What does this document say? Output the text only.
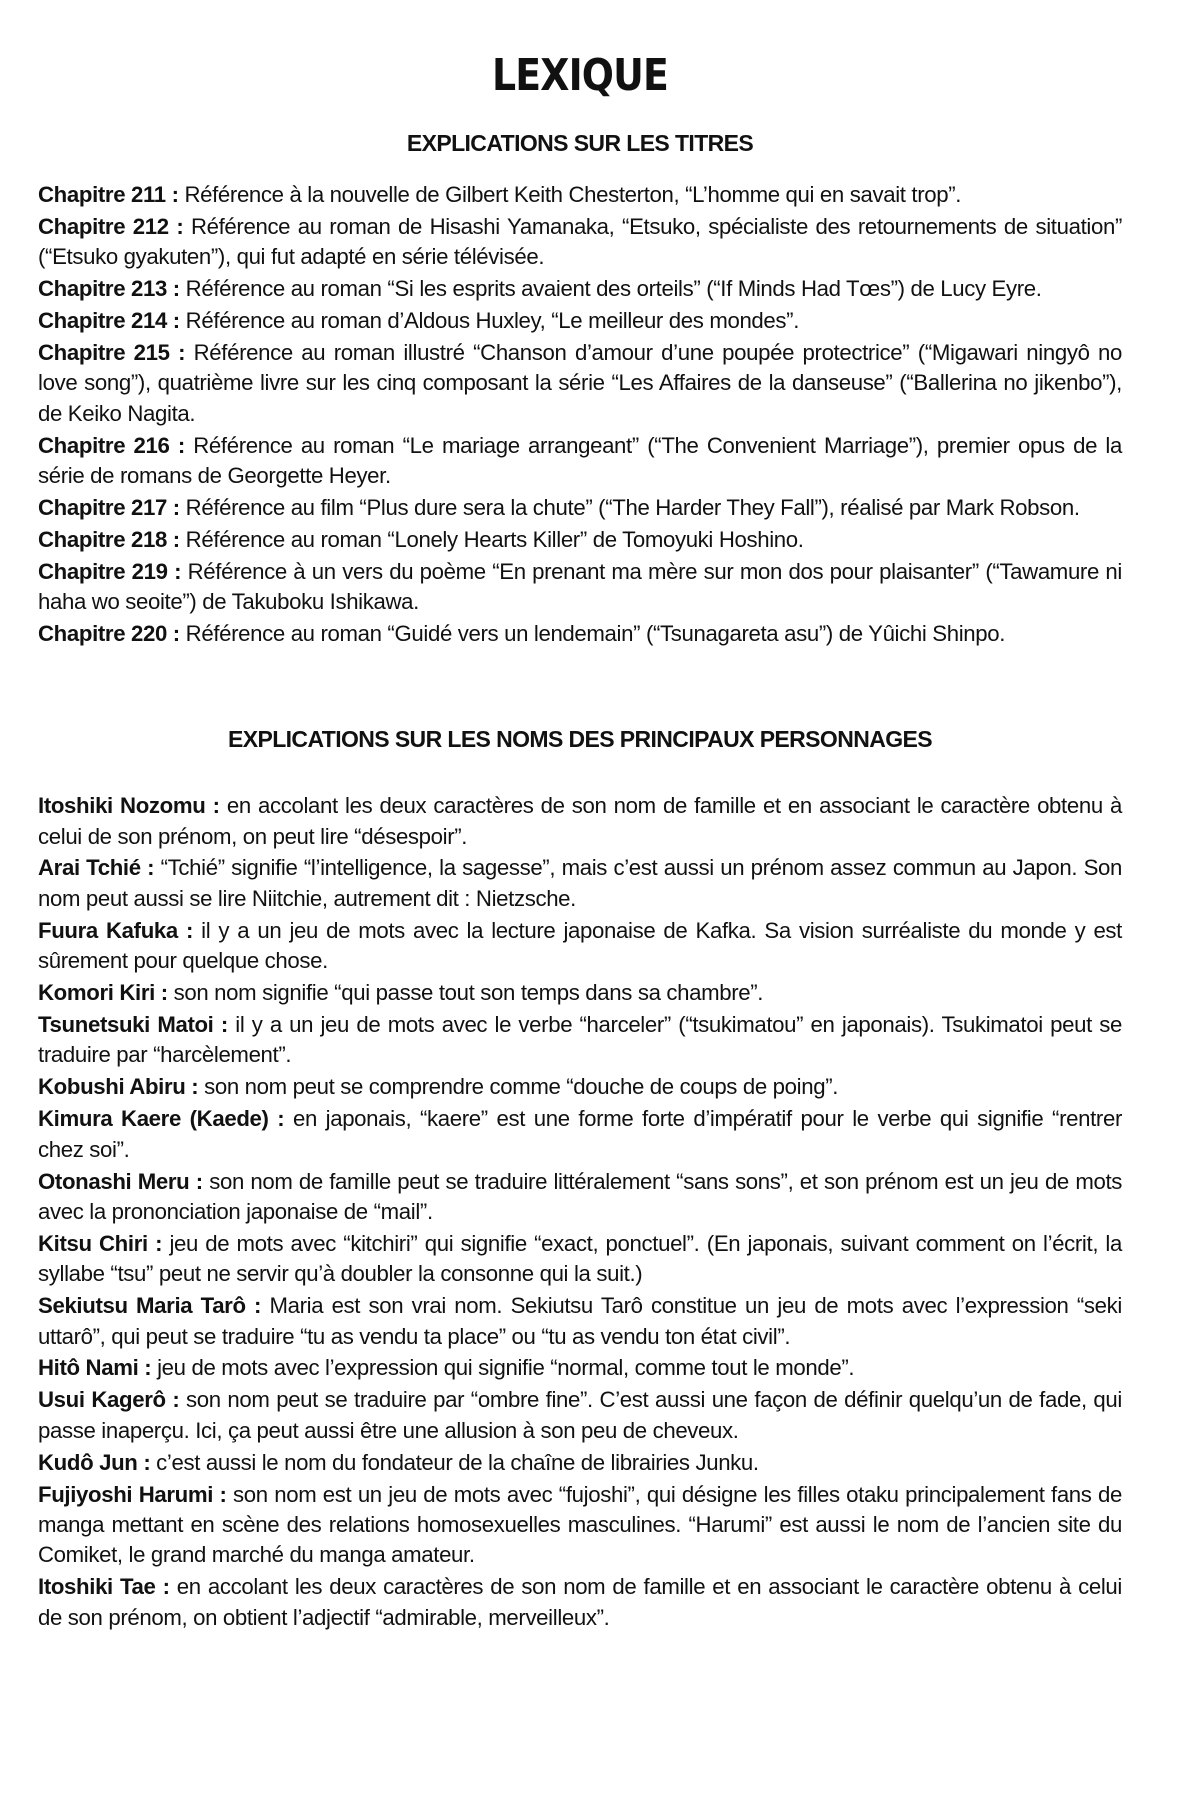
LEXIQUE
EXPLICATIONS SUR LES TITRES
Chapitre 211 : Référence à la nouvelle de Gilbert Keith Chesterton, “L’homme qui en savait trop”.
Chapitre 212 : Référence au roman de Hisashi Yamanaka, “Etsuko, spécialiste des retournements de situation” (“Etsuko gyakuten”), qui fut adapté en série télévisée.
Chapitre 213 : Référence au roman “Si les esprits avaient des orteils” (“If Minds Had Tœs”) de Lucy Eyre.
Chapitre 214 : Référence au roman d’Aldous Huxley, “Le meilleur des mondes”.
Chapitre 215 : Référence au roman illustré “Chanson d’amour d’une poupée protectrice” (“Migawari ningyô no love song”), quatrième livre sur les cinq composant la série “Les Affaires de la danseuse” (“Ballerina no jikenbo”), de Keiko Nagita.
Chapitre 216 : Référence au roman “Le mariage arrangeant” (“The Convenient Marriage”), premier opus de la série de romans de Georgette Heyer.
Chapitre 217 : Référence au film “Plus dure sera la chute” (“The Harder They Fall”), réalisé par Mark Robson.
Chapitre 218 : Référence au roman “Lonely Hearts Killer” de Tomoyuki Hoshino.
Chapitre 219 : Référence à un vers du poème “En prenant ma mère sur mon dos pour plaisanter” (“Tawamure ni haha wo seoite”) de Takuboku Ishikawa.
Chapitre 220 : Référence au roman “Guidé vers un lendemain” (“Tsunagareta asu”) de Yûichi Shinpo.
EXPLICATIONS SUR LES NOMS DES PRINCIPAUX PERSONNAGES
Itoshiki Nozomu : en accolant les deux caractères de son nom de famille et en associant le caractère obtenu à celui de son prénom, on peut lire “désespoir”.
Arai Tchié : “Tchié” signifie “l’intelligence, la sagesse”, mais c’est aussi un prénom assez commun au Japon. Son nom peut aussi se lire Niitchie, autrement dit : Nietzsche.
Fuura Kafuka : il y a un jeu de mots avec la lecture japonaise de Kafka. Sa vision surréaliste du monde y est sûrement pour quelque chose.
Komori Kiri : son nom signifie “qui passe tout son temps dans sa chambre”.
Tsunetsuki Matoi : il y a un jeu de mots avec le verbe “harceler” (“tsukimatou” en japonais). Tsukimatoi peut se traduire par “harcèlement”.
Kobushi Abiru : son nom peut se comprendre comme “douche de coups de poing”.
Kimura Kaere (Kaede) : en japonais, “kaere” est une forme forte d’impératif pour le verbe qui signifie “rentrer chez soi”.
Otonashi Meru : son nom de famille peut se traduire littéralement “sans sons”, et son prénom est un jeu de mots avec la prononciation japonaise de “mail”.
Kitsu Chiri : jeu de mots avec “kitchiri” qui signifie “exact, ponctuel”. (En japonais, suivant comment on l’écrit, la syllabe “tsu” peut ne servir qu’à doubler la consonne qui la suit.)
Sekiutsu Maria Tarô : Maria est son vrai nom. Sekiutsu Tarô constitue un jeu de mots avec l’expression “seki uttarô”, qui peut se traduire “tu as vendu ta place” ou “tu as vendu ton état civil”.
Hitô Nami : jeu de mots avec l’expression qui signifie “normal, comme tout le monde”.
Usui Kagerô : son nom peut se traduire par “ombre fine”. C’est aussi une façon de définir quelqu’un de fade, qui passe inaperçu. Ici, ça peut aussi être une allusion à son peu de cheveux.
Kudô Jun : c’est aussi le nom du fondateur de la chaîne de librairies Junku.
Fujiyoshi Harumi : son nom est un jeu de mots avec “fujoshi”, qui désigne les filles otaku principalement fans de manga mettant en scène des relations homosexuelles masculines. “Harumi” est aussi le nom de l’ancien site du Comiket, le grand marché du manga amateur.
Itoshiki Tae : en accolant les deux caractères de son nom de famille et en associant le caractère obtenu à celui de son prénom, on obtient l’adjectif “admirable, merveilleux”.
